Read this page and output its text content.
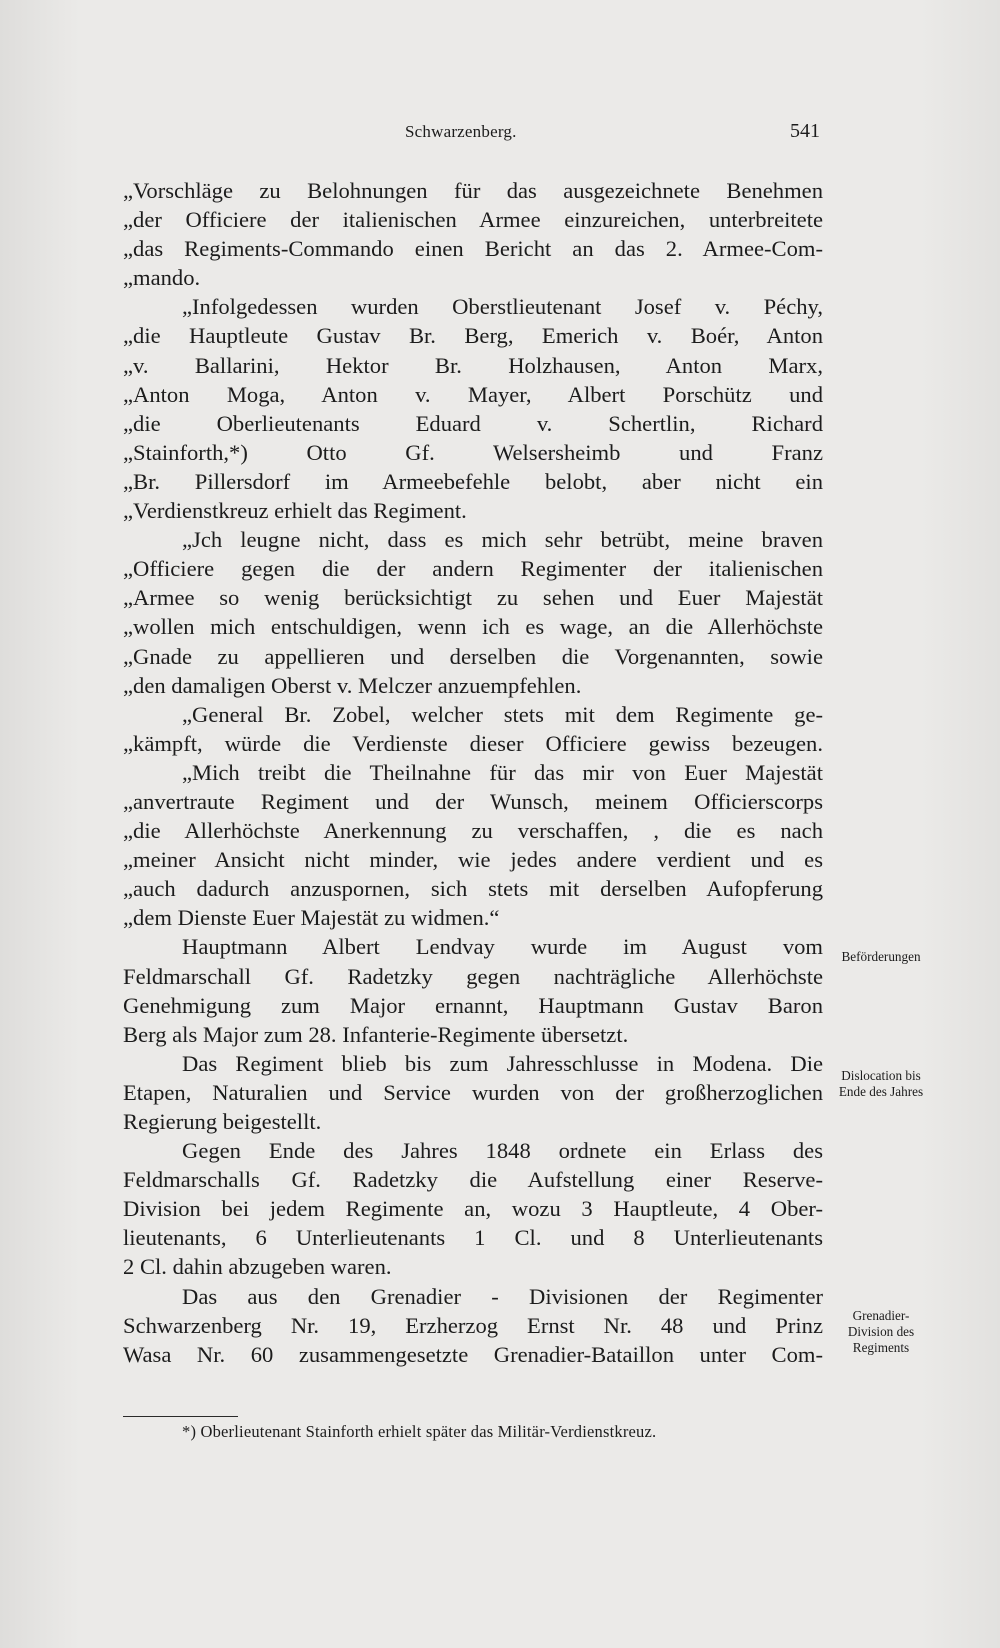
Schwarzenberg.	541
„Vorschläge zu Belohnungen für das ausgezeichnete Benehmen
„der Officiere der italienischen Armee einzureichen, unterbreitete
„das Regiments-Commando einen Bericht an das 2. Armee-Com-
„mando.
„Infolgedessen wurden Oberstlieutenant Josef v. Péchy,
„die Hauptleute Gustav Br. Berg, Emerich v. Boér, Anton
„v. Ballarini, Hektor Br. Holzhausen, Anton Marx,
„Anton Moga, Anton v. Mayer, Albert Porschütz und
„die Oberlieutenants Eduard v. Schertlin, Richard
„Stainforth,*) Otto Gf. Welsersheimb und Franz
„Br. Pillersdorf im Armeebefehle belobt, aber nicht ein
„Verdienstkreuz erhielt das Regiment.
„Jch leugne nicht, dass es mich sehr betrübt, meine braven
„Officiere gegen die der andern Regimenter der italienischen
„Armee so wenig berücksichtigt zu sehen und Euer Majestät
„wollen mich entschuldigen, wenn ich es wage, an die Allerhöchste
„Gnade zu appellieren und derselben die Vorgenannten, sowie
„den damaligen Oberst v. Melczer anzuempfehlen.
„General Br. Zobel, welcher stets mit dem Regimente ge-
„kämpft, würde die Verdienste dieser Officiere gewiss bezeugen.
„Mich treibt die Theilnahne für das mir von Euer Majestät
„anvertraute Regiment und der Wunsch, meinem Officierscorps
„die Allerhöchste Anerkennung zu verschaffen, , die es nach
„meiner Ansicht nicht minder, wie jedes andere verdient und es
„auch dadurch anzuspornen, sich stets mit derselben Aufopferung
„dem Dienste Euer Majestät zu widmen.“
Hauptmann Albert Lendvay wurde im August vom
Feldmarschall Gf. Radetzky gegen nachträgliche Allerhöchste
Genehmigung zum Major ernannt, Hauptmann Gustav Baron
Berg als Major zum 28. Infanterie-Regimente übersetzt.
Das Regiment blieb bis zum Jahresschlusse in Modena. Die
Etapen, Naturalien und Service wurden von der großherzoglichen
Regierung beigestellt.
Gegen Ende des Jahres 1848 ordnete ein Erlass des
Feldmarschalls Gf. Radetzky die Aufstellung einer Reserve-
Division bei jedem Regimente an, wozu 3 Hauptleute, 4 Ober-
lieutenants, 6 Unterlieutenants 1 Cl. und 8 Unterlieutenants
2 Cl. dahin abzugeben waren.
Das aus den Grenadier - Divisionen der Regimenter
Schwarzenberg Nr. 19, Erzherzog Ernst Nr. 48 und Prinz
Wasa Nr. 60 zusammengesetzte Grenadier-Bataillon unter Com-
Beförderungen
Dislocation bis
Ende des Jahres
Grenadier-
Division des
Regiments
*) Oberlieutenant Stainforth erhielt später das Militär-Verdienstkreuz.
